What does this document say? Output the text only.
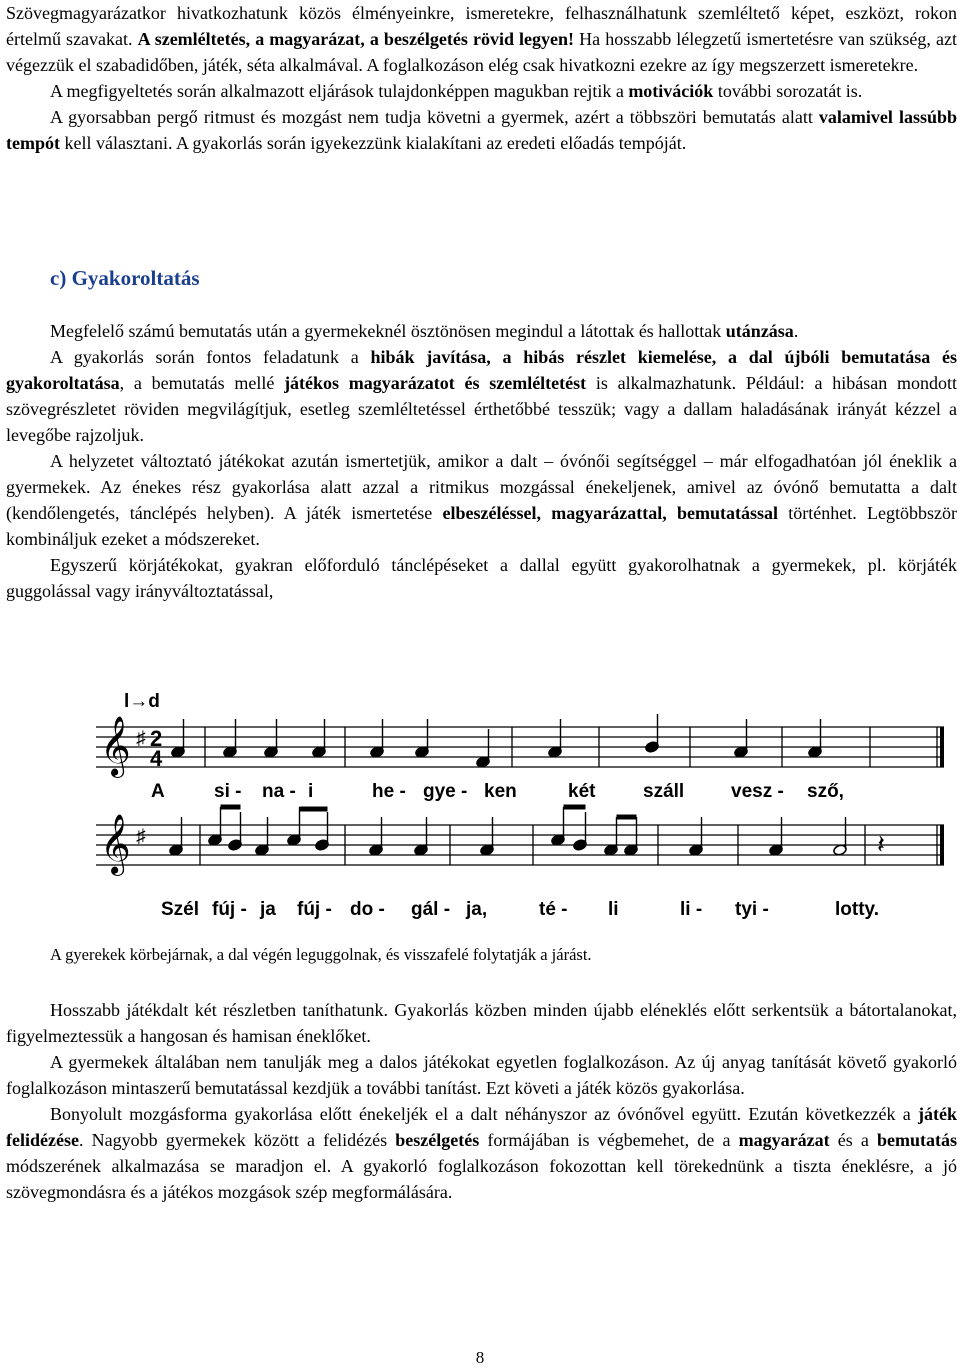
Szövegmagyarázatkor hivatkozhatunk közös élményeinkre, ismeretekre, felhasználhatunk szemléltető képet, eszközt, rokon értelmű szavakat. A szemléltetés, a magyarázat, a beszélgetés rövid legyen! Ha hosszabb lélegzetű ismertetésre van szükség, azt végezzük el szabadidőben, játék, séta alkalmával. A foglalkozáson elég csak hivatkozni ezekre az így megszerzett ismeretekre.

A megfigyeltetés során alkalmazott eljárások tulajdonképpen magukban rejtik a motivációk további sorozatát is.

A gyorsabban pergő ritmust és mozgást nem tudja követni a gyermek, azért a többszöri bemutatás alatt valamivel lassúbb tempót kell választani. A gyakorlás során igyekezzünk kialakítani az eredeti előadás tempóját.

c) Gyakoroltatás

Megfelelő számú bemutatás után a gyermekeknél ösztönösen megindul a látottak és hallottak utánzása.

A gyakorlás során fontos feladatunk a hibák javítása, a hibás részlet kiemelése, a dal újbóli bemutatása és gyakoroltatása, a bemutatás mellé játékos magyarázatot és szemléltetést is alkalmazhatunk. Például: a hibásan mondott szövegrészletet röviden megvilágítjuk, esetleg szemléltetéssel érthetőbbé tesszük; vagy a dallam haladásának irányát kézzel a levegőbe rajzoljuk.

A helyzetet változtató játékokat azután ismertetjük, amikor a dalt – óvónői segítséggel – már elfogadhatóan jól éneklik a gyermekek. Az énekes rész gyakorlása alatt azzal a ritmikus mozgással énekeljenek, amivel az óvónő bemutatta a dalt (kendőlengetés, tánclépés helyben). A játék ismertetése elbeszéléssel, magyarázattal, bemutatással történhet. Legtöbbször kombináljuk ezeket a módszereket.

Egyszerű körjátékokat, gyakran előforduló tánclépéseket a dallal együtt gyakorolhatnak a gyermekek, pl. körjáték guggolással vagy irányváltoztatással,

l→d
𝄞 ♯ 2
4
𝄞 ♯	𝄽
A	si - na - i	he - gye - ken	két	száll vesz - sző,
Szél fúj - ja fúj - do - gál - ja,	té - li	li - tyi -	lotty.
A gyerekek körbejárnak, a dal végén leguggolnak, és visszafelé folytatják a járást.

Hosszabb játékdalt két részletben taníthatunk. Gyakorlás közben minden újabb eléneklés előtt serkentsük a bátortalanokat, figyelmeztessük a hangosan és hamisan éneklőket.

A gyermekek általában nem tanulják meg a dalos játékokat egyetlen foglalkozáson. Az új anyag tanítását követő gyakorló foglalkozáson mintaszerű bemutatással kezdjük a további tanítást. Ezt követi a játék közös gyakorlása.

Bonyolult mozgásforma gyakorlása előtt énekeljék el a dalt néhányszor az óvónővel együtt. Ezután következzék a játék felidézése. Nagyobb gyermekek között a felidézés beszélgetés formájában is végbemehet, de a magyarázat és a bemutatás módszerének alkalmazása se maradjon el. A gyakorló foglalkozáson fokozottan kell törekednünk a tiszta éneklésre, a jó szövegmondásra és a játékos mozgások szép megformálására.

8
